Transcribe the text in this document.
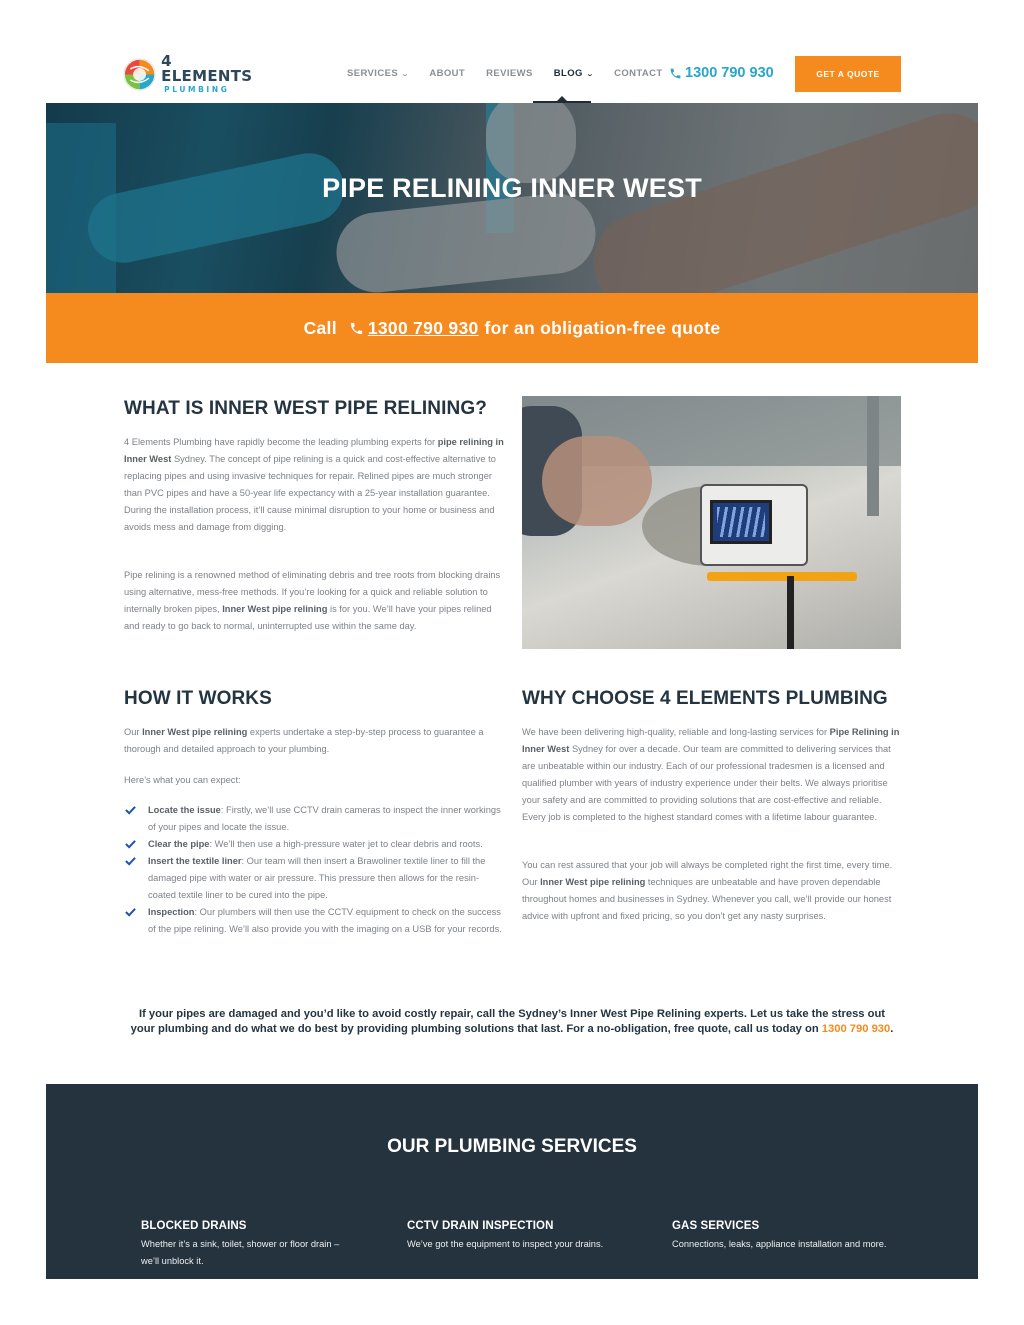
4 ELEMENTS
PLUMBING
SERVICES ⌄ ABOUT REVIEWS BLOG ⌄ CONTACT 1300 790 930	GET A QUOTE
PIPE RELINING INNER WEST
Call 1300 790 930 for an obligation-free quote
WHAT IS INNER WEST PIPE RELINING?

4 Elements Plumbing have rapidly become the leading plumbing experts for pipe relining in Inner West Sydney. The concept of pipe relining is a quick and cost-effective alternative to replacing pipes and using invasive techniques for repair. Relined pipes are much stronger than PVC pipes and have a 50-year life expectancy with a 25-year installation guarantee. During the installation process, it’ll cause minimal disruption to your home or business and avoids mess and damage from digging.

Pipe relining is a renowned method of eliminating debris and tree roots from blocking drains using alternative, mess-free methods. If you’re looking for a quick and reliable solution to internally broken pipes, Inner West pipe relining is for you. We’ll have your pipes relined and ready to go back to normal, uninterrupted use within the same day.

HOW IT WORKS

Our Inner West pipe relining experts undertake a step-by-step process to guarantee a thorough and detailed approach to your plumbing.

Here’s what you can expect:

Locate the issue: Firstly, we’ll use CCTV drain cameras to inspect the inner workings of your pipes and locate the issue.
Clear the pipe: We’ll then use a high-pressure water jet to clear debris and roots.
Insert the textile liner: Our team will then insert a Brawoliner textile liner to fill the damaged pipe with water or air pressure. This pressure then allows for the resin-coated textile liner to be cured into the pipe.
Inspection: Our plumbers will then use the CCTV equipment to check on the success of the pipe relining. We’ll also provide you with the imaging on a USB for your records.
WHY CHOOSE 4 ELEMENTS PLUMBING

We have been delivering high-quality, reliable and long-lasting services for Pipe Relining in Inner West Sydney for over a decade. Our team are committed to delivering services that are unbeatable within our industry. Each of our professional tradesmen is a licensed and qualified plumber with years of industry experience under their belts. We always prioritise your safety and are committed to providing solutions that are cost-effective and reliable. Every job is completed to the highest standard comes with a lifetime labour guarantee.

You can rest assured that your job will always be completed right the first time, every time. Our Inner West pipe relining techniques are unbeatable and have proven dependable throughout homes and businesses in Sydney. Whenever you call, we’ll provide our honest advice with upfront and fixed pricing, so you don’t get any nasty surprises.

If your pipes are damaged and you’d like to avoid costly repair, call the Sydney’s Inner West Pipe Relining experts. Let us take the stress out your plumbing and do what we do best by providing plumbing solutions that last. For a no-obligation, free quote, call us today on 1300 790 930.

OUR PLUMBING SERVICES
BLOCKED DRAINS
Whether it’s a sink, toilet, shower or floor drain – we’ll unblock it.
CCTV DRAIN INSPECTION
We’ve got the equipment to inspect your drains.
GAS SERVICES
Connections, leaks, appliance installation and more.
